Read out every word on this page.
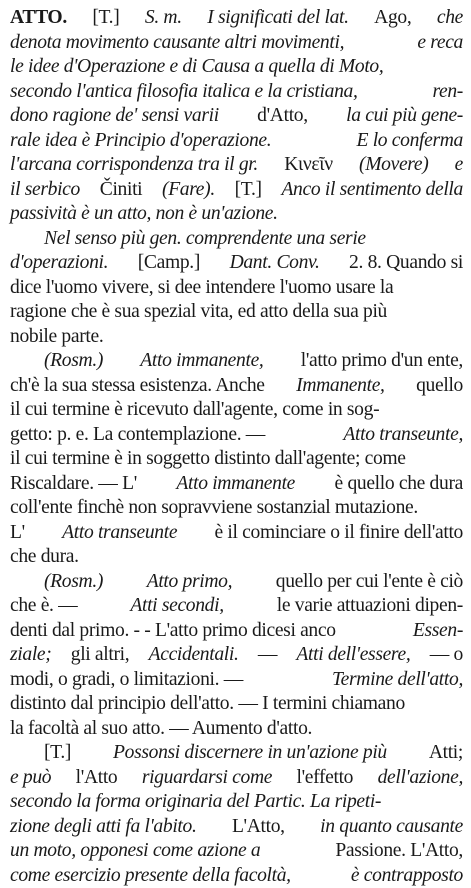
ATTO. [T.] S. m. I significati del lat. Ago, che
denota movimento causante altri movimenti,	e reca
le idee d'Operazione e di Causa a quella di Moto,
secondo l'antica filosofia italica e la cristiana,	ren-
dono ragione de' sensi varii d'Atto, la cui più gene-
rale idea è Principio d'operazione.	E lo conferma
l'arcana corrispondenza tra il gr. Κινεῖν (Movere) e
il serbico Činiti (Fare). [T.] Anco il sentimento della
passività è un atto, non è un'azione.
Nel senso più gen. comprendente una serie
d'operazioni. [Camp.] Dant. Conv. 2. 8. Quando si
dice l'uomo vivere, si dee intendere l'uomo usare la
ragione che è sua spezial vita, ed atto della sua più
nobile parte.
(Rosm.) Atto immanente, l'atto primo d'un ente,
ch'è la sua stessa esistenza. Anche Immanente, quello
il cui termine è ricevuto dall'agente, come in sog-
getto: p. e. La contemplazione. —	Atto transeunte,
il cui termine è in soggetto distinto dall'agente; come
Riscaldare. — L' Atto immanente è quello che dura
coll'ente finchè non sopravviene sostanzial mutazione.
L' Atto transeunte è il cominciare o il finire dell'atto
che dura.
(Rosm.) Atto primo, quello per cui l'ente è ciò
che è. —	Atti secondi,	le varie attuazioni dipen-
denti dal primo. - - L'atto primo dicesi anco	Essen-
ziale; gli altri, Accidentali. — Atti dell'essere, — o
modi, o gradi, o limitazioni. —	Termine dell'atto,
distinto dal principio dell'atto. — I termini chiamano
la facoltà al suo atto. — Aumento d'atto.
[T.] Possonsi discernere in un'azione più Atti;
e può l'Atto riguardarsi come l'effetto dell'azione,
secondo la forma originaria del Partic. La ripeti-
zione degli atti fa l'abito. L'Atto, in quanto causante
un moto, opponesi come azione a	Passione. L'Atto,
come esercizio presente della facoltà,	è contrapposto
